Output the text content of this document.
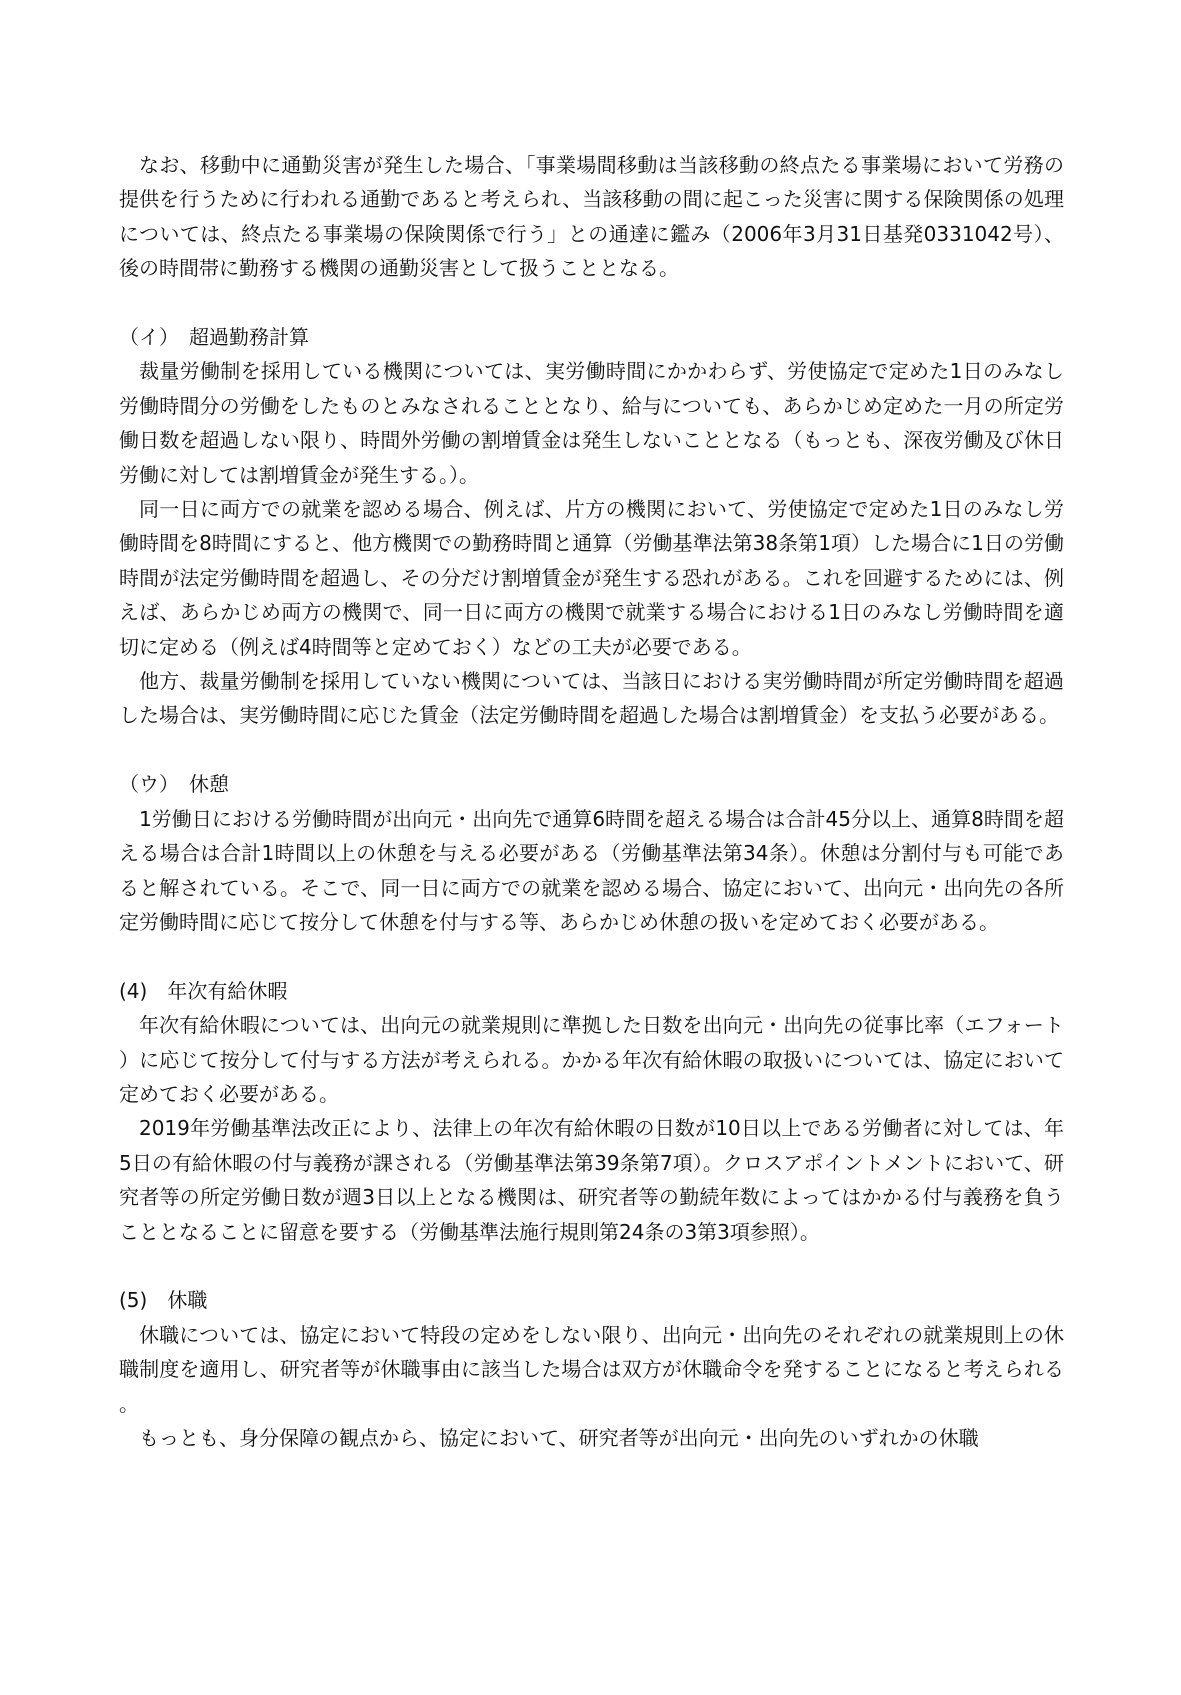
なお、移動中に通勤災害が発生した場合、「事業場間移動は当該移動の終点たる事業場において労務の提供を行うために行われる通勤であると考えられ、当該移動の間に起こった災害に関する保険関係の処理については、終点たる事業場の保険関係で行う」との通達に鑑み（2006年3月31日基発0331042号）、後の時間帯に勤務する機関の通勤災害として扱うこととなる。

（イ）　超過勤務計算

裁量労働制を採用している機関については、実労働時間にかかわらず、労使協定で定めた1日のみなし労働時間分の労働をしたものとみなされることとなり、給与についても、あらかじめ定めた一月の所定労働日数を超過しない限り、時間外労働の割増賃金は発生しないこととなる（もっとも、深夜労働及び休日労働に対しては割増賃金が発生する。）。

同一日に両方での就業を認める場合、例えば、片方の機関において、労使協定で定めた1日のみなし労働時間を8時間にすると、他方機関での勤務時間と通算（労働基準法第38条第1項）した場合に1日の労働時間が法定労働時間を超過し、その分だけ割増賃金が発生する恐れがある。これを回避するためには、例えば、あらかじめ両方の機関で、同一日に両方の機関で就業する場合における1日のみなし労働時間を適切に定める（例えば4時間等と定めておく）などの工夫が必要である。

他方、裁量労働制を採用していない機関については、当該日における実労働時間が所定労働時間を超過した場合は、実労働時間に応じた賃金（法定労働時間を超過した場合は割増賃金）を支払う必要がある。

（ウ）　休憩

1労働日における労働時間が出向元・出向先で通算6時間を超える場合は合計45分以上、通算8時間を超える場合は合計1時間以上の休憩を与える必要がある（労働基準法第34条）。休憩は分割付与も可能であると解されている。そこで、同一日に両方での就業を認める場合、協定において、出向元・出向先の各所定労働時間に応じて按分して休憩を付与する等、あらかじめ休憩の扱いを定めておく必要がある。

(4)　年次有給休暇

年次有給休暇については、出向元の就業規則に準拠した日数を出向元・出向先の従事比率（エフォート）に応じて按分して付与する方法が考えられる。かかる年次有給休暇の取扱いについては、協定において定めておく必要がある。

2019年労働基準法改正により、法律上の年次有給休暇の日数が10日以上である労働者に対しては、年5日の有給休暇の付与義務が課される（労働基準法第39条第7項）。クロスアポイントメントにおいて、研究者等の所定労働日数が週3日以上となる機関は、研究者等の勤続年数によってはかかる付与義務を負うこととなることに留意を要する（労働基準法施行規則第24条の3第3項参照）。

(5)　休職

休職については、協定において特段の定めをしない限り、出向元・出向先のそれぞれの就業規則上の休職制度を適用し、研究者等が休職事由に該当した場合は双方が休職命令を発することになると考えられる。

もっとも、身分保障の観点から、協定において、研究者等が出向元・出向先のいずれかの休職
